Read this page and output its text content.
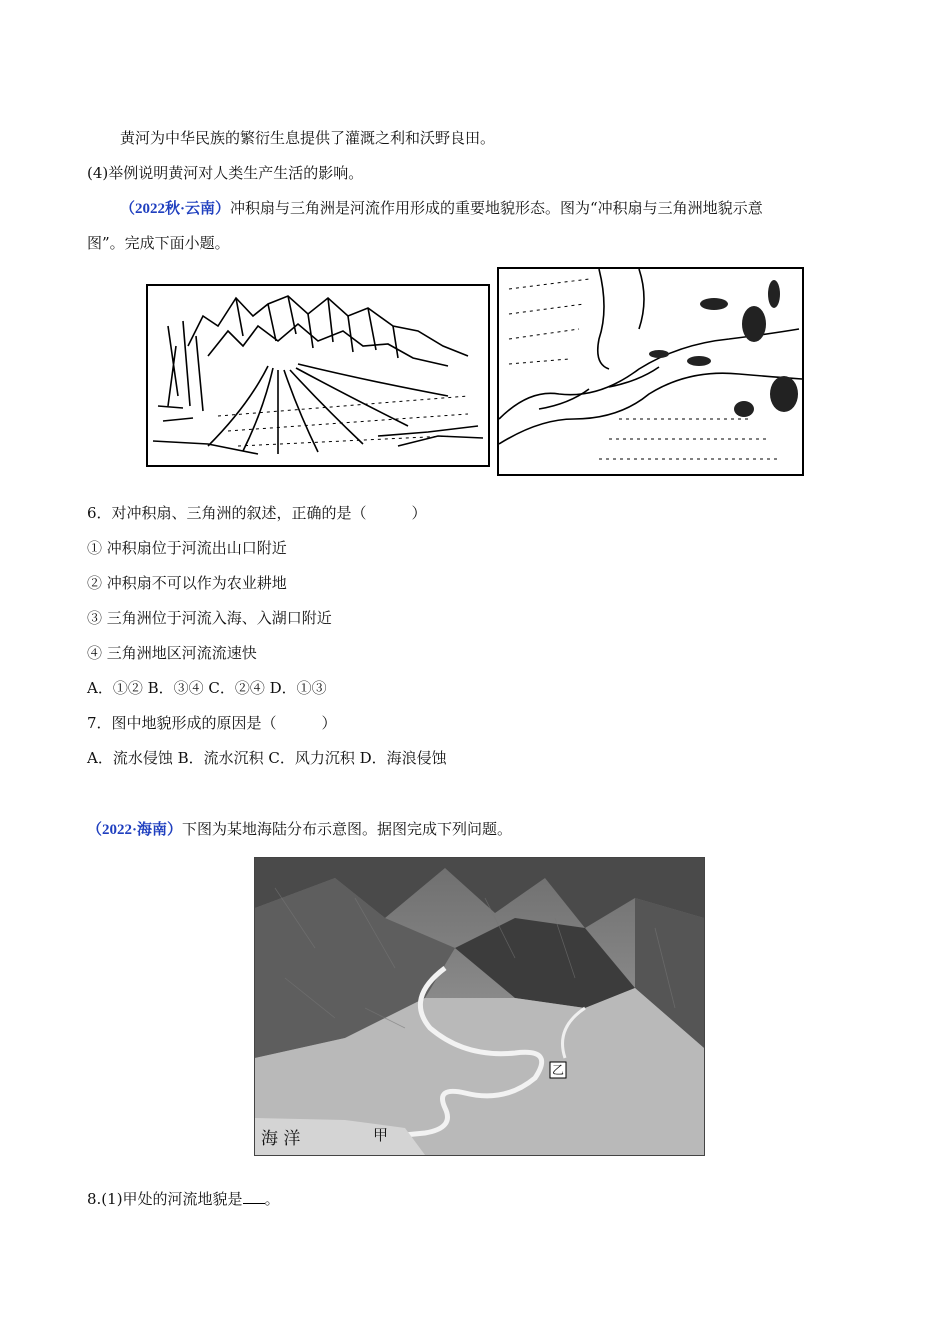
黄河为中华民族的繁衍生息提供了灌溉之利和沃野良田。
(4)举例说明黄河对人类生产生活的影响。
（2022秋·云南）冲积扇与三角洲是河流作用形成的重要地貌形态。图为“冲积扇与三角洲地貌示意
图”。完成下面小题。
6．对冲积扇、三角洲的叙述，正确的是（　　　）
① 冲积扇位于河流出山口附近
② 冲积扇不可以作为农业耕地
③ 三角洲位于河流入海、入湖口附近
④ 三角洲地区河流流速快
A．①② B．③④ C．②④ D．①③
7．图中地貌形成的原因是（　　　）
A．流水侵蚀 B．流水沉积 C．风力沉积 D．海浪侵蚀
（2022·海南）下图为某地海陆分布示意图。据图完成下列问题。
海 洋	甲
乙
8.(1)甲处的河流地貌是 。
